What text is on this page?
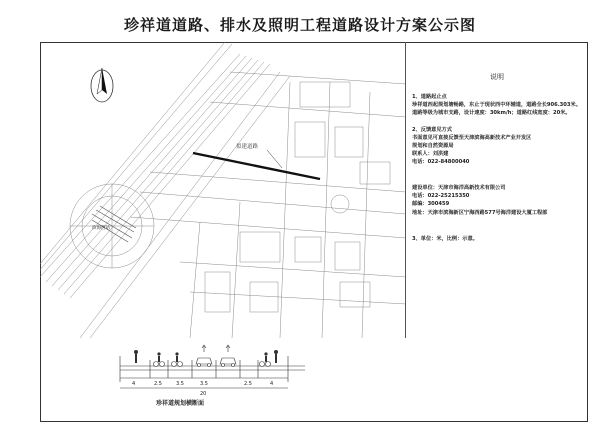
珍祥道道路、排水及照明工程道路设计方案公示图
拟建道路
滨海西站
说明
1、道路起止点
珍祥道西起规划塘畅路，东止于现状西中环辅道，道路全长906.303米。
道路等级为城市支路，设计速度：30km/h；道路红线宽度：20米。
2、反馈意见方式
书面意见可直接反馈至天津滨海高新技术产业开发区
规划和自然资源局
联系人：刘洪建
电话：022-84800040
建设单位：天津市海洋高新技术有限公司
电话：022-25215350
邮编：300459
地址：天津市滨海新区宁海西路577号海洋建设大厦工程部
3、单位：米，比例：示意。
4	2.5	3.5	3.5	2.5	4
20
珍祥道规划横断面
